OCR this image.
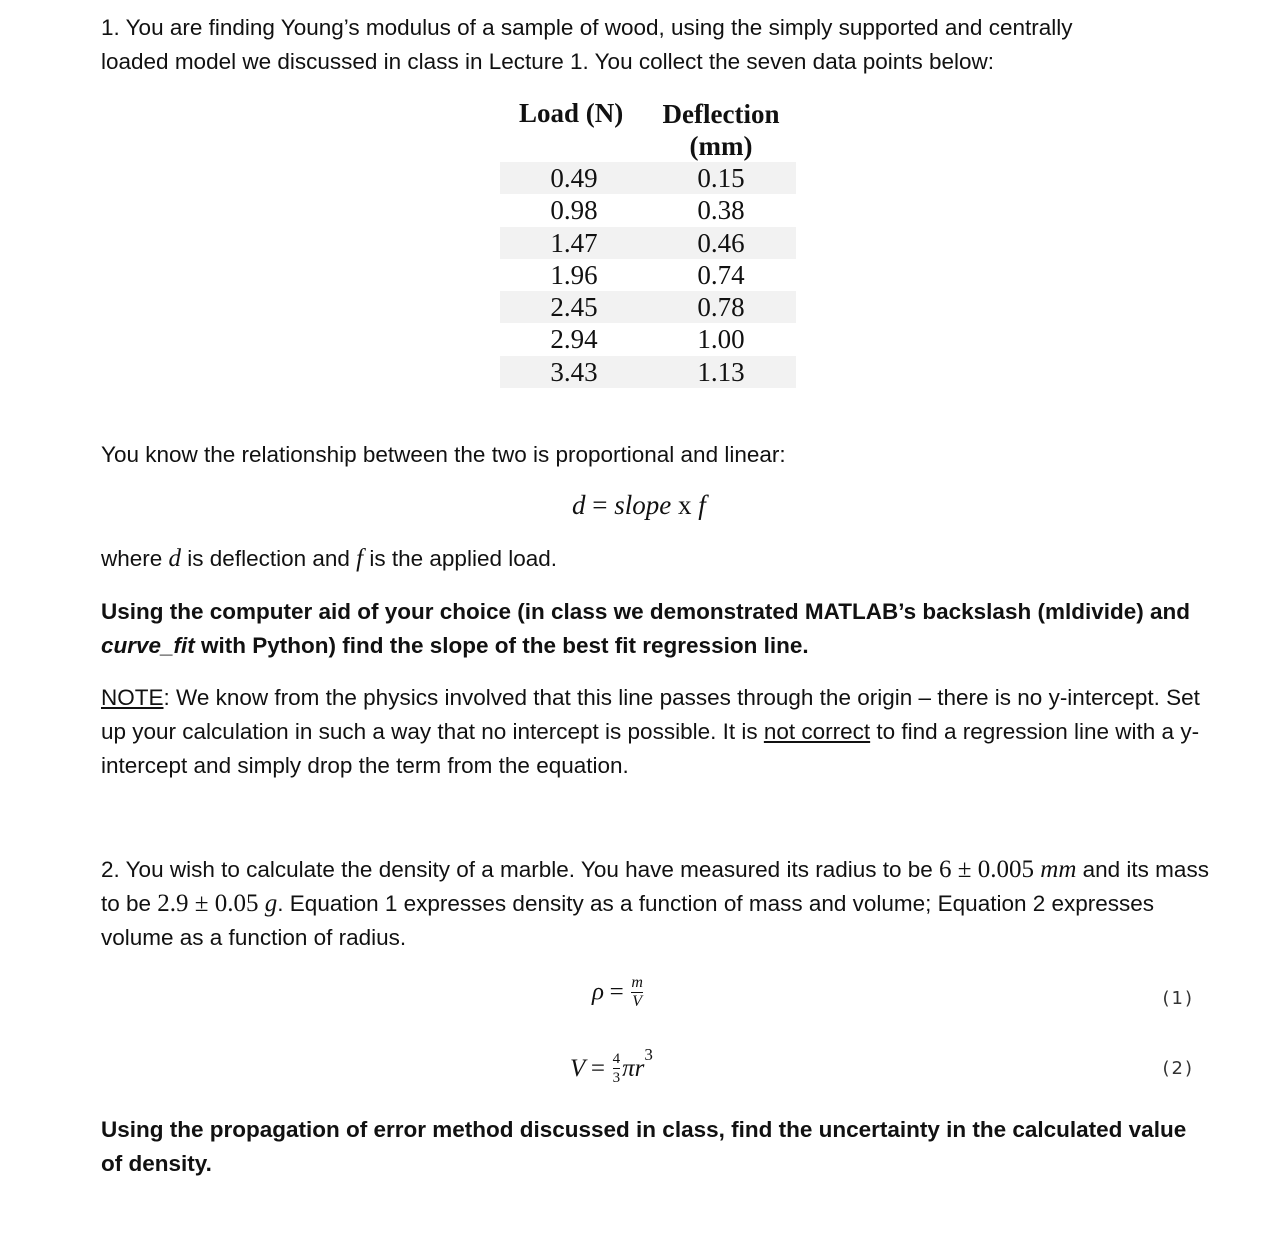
1. You are finding Young’s modulus of a sample of wood, using the simply supported and centrally
loaded model we discussed in class in Lecture 1. You collect the seven data points below:

Load (N)	Deflection
(mm)
0.49	0.15
0.98	0.38
1.47	0.46
1.96	0.74
2.45	0.78
2.94	1.00
3.43	1.13

You know the relationship between the two is proportional and linear:

d = slope x f

where d is deflection and f is the applied load.

Using the computer aid of your choice (in class we demonstrated MATLAB’s backslash (mldivide) and
curve_fit with Python) find the slope of the best fit regression line.

NOTE: We know from the physics involved that this line passes through the origin – there is no y-intercept. Set up your calculation in such a way that no intercept is possible. It is not correct to find a regression line with a y-intercept and simply drop the term from the equation.

2. You wish to calculate the density of a marble. You have measured its radius to be 6 ± 0.005 mm and its mass to be 2.9 ± 0.05 g. Equation 1 expresses density as a function of mass and volume; Equation 2 expresses volume as a function of radius.

$\rho = \frac{m}{V}$	(1)
$V = \frac{4}{3} \pi r^3$
(2)

Using the propagation of error method discussed in class, find the uncertainty in the calculated value of density.
